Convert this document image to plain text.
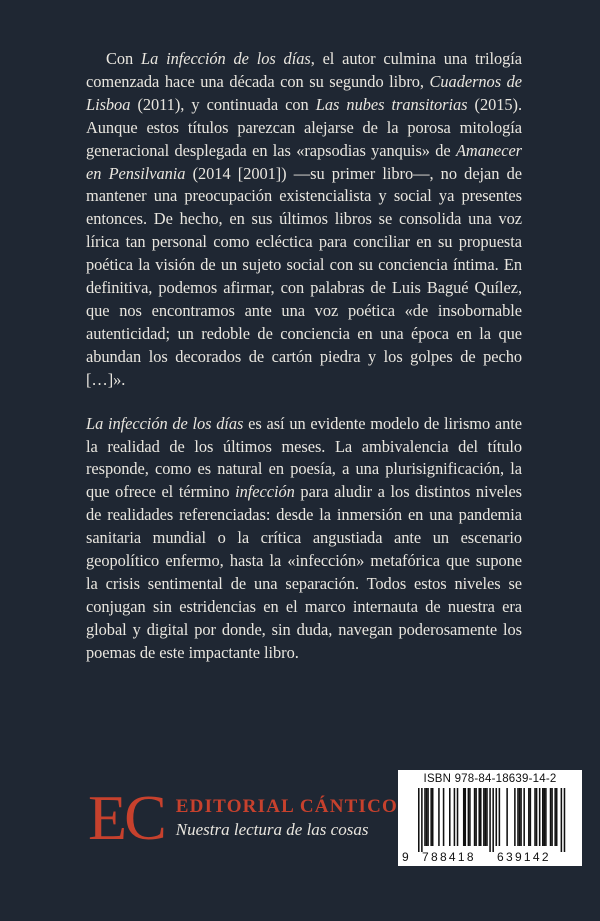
Con La infección de los días, el autor culmina una trilogía comenzada hace una década con su segundo libro, Cuadernos de Lisboa (2011), y continuada con Las nubes transitorias (2015). Aunque estos títulos parezcan alejarse de la porosa mitología generacional desplegada en las «rapsodias yanquis» de Amanecer en Pensilvania (2014 [2001]) —su primer libro—, no dejan de mantener una preocupación existencialista y social ya presentes entonces. De hecho, en sus últimos libros se consolida una voz lírica tan personal como ecléctica para conciliar en su propuesta poética la visión de un sujeto social con su conciencia íntima. En definitiva, podemos afirmar, con palabras de Luis Bagué Quílez, que nos encontramos ante una voz poética «de insobornable autenticidad; un redoble de conciencia en una época en la que abundan los decorados de cartón piedra y los golpes de pecho […]».

La infección de los días es así un evidente modelo de lirismo ante la realidad de los últimos meses. La ambivalencia del título responde, como es natural en poesía, a una plurisignificación, la que ofrece el término infección para aludir a los distintos niveles de realidades referenciadas: desde la inmersión en una pandemia sanitaria mundial o la crítica angustiada ante un escenario geopolítico enfermo, hasta la «infección» metafórica que supone la crisis sentimental de una separación. Todos estos niveles se conjugan sin estridencias en el marco internauta de nuestra era global y digital por donde, sin duda, navegan poderosamente los poemas de este impactante libro.

EC EDITORIAL CÁNTICO
Nuestra lectura de las cosas
ISBN 978-84-18639-14-2
9 788418 639142
